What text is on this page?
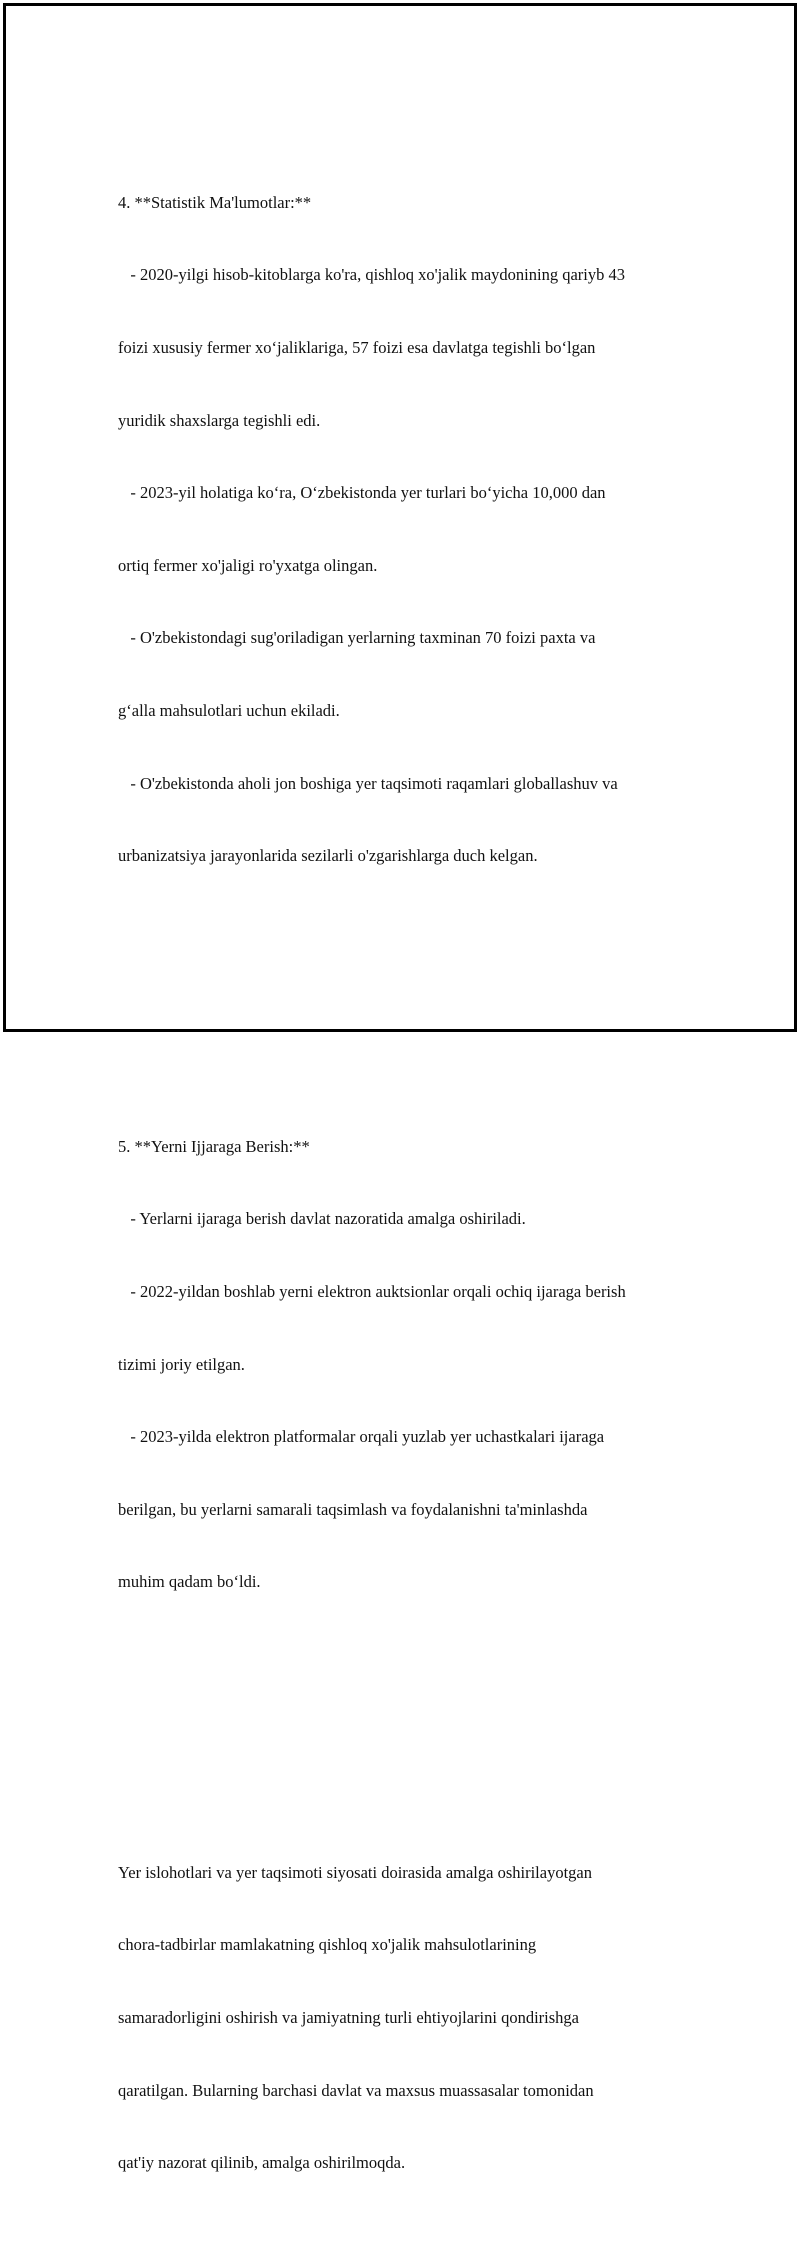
4. **Statistik Ma'lumotlar:**

- 2020-yilgi hisob-kitoblarga ko'ra, qishloq xo'jalik maydonining qariyb 43

foizi xususiy fermer xo‘jaliklariga, 57 foizi esa davlatga tegishli bo‘lgan

yuridik shaxslarga tegishli edi.

- 2023-yil holatiga ko‘ra, O‘zbekistonda yer turlari bo‘yicha 10,000 dan

ortiq fermer xo'jaligi ro'yxatga olingan.

- O'zbekistondagi sug'oriladigan yerlarning taxminan 70 foizi paxta va

g‘alla mahsulotlari uchun ekiladi.

- O'zbekistonda aholi jon boshiga yer taqsimoti raqamlari globallashuv va

urbanizatsiya jarayonlarida sezilarli o'zgarishlarga duch kelgan.

5. **Yerni Ijjaraga Berish:**

- Yerlarni ijaraga berish davlat nazoratida amalga oshiriladi.

- 2022-yildan boshlab yerni elektron auktsionlar orqali ochiq ijaraga berish

tizimi joriy etilgan.

- 2023-yilda elektron platformalar orqali yuzlab yer uchastkalari ijaraga

berilgan, bu yerlarni samarali taqsimlash va foydalanishni ta'minlashda

muhim qadam bo‘ldi.

Yer islohotlari va yer taqsimoti siyosati doirasida amalga oshirilayotgan

chora-tadbirlar mamlakatning qishloq xo'jalik mahsulotlarining

samaradorligini oshirish va jamiyatning turli ehtiyojlarini qondirishga

qaratilgan. Bularning barchasi davlat va maxsus muassasalar tomonidan

qat'iy nazorat qilinib, amalga oshirilmoqda.
